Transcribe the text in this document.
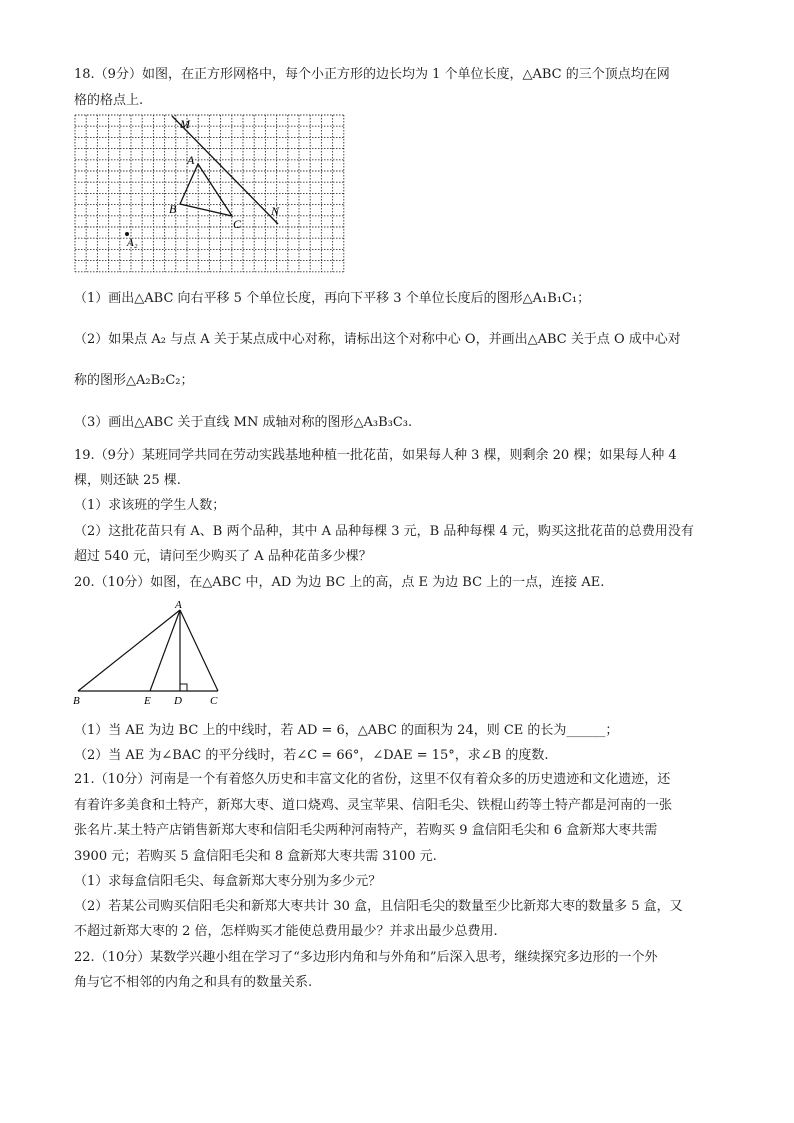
18.（9分）如图，在正方形网格中，每个小正方形的边长均为 1 个单位长度，△ABC 的三个顶点均在网
格的格点上.
M
A
B
C
N
A₂
（1）画出△ABC 向右平移 5 个单位长度，再向下平移 3 个单位长度后的图形△A₁B₁C₁；
（2）如果点 A₂ 与点 A 关于某点成中心对称，请标出这个对称中心 O，并画出△ABC 关于点 O 成中心对
称的图形△A₂B₂C₂；
（3）画出△ABC 关于直线 MN 成轴对称的图形△A₃B₃C₃.
19.（9分）某班同学共同在劳动实践基地种植一批花苗，如果每人种 3 棵，则剩余 20 棵；如果每人种 4
棵，则还缺 25 棵.
（1）求该班的学生人数；
（2）这批花苗只有 A、B 两个品种，其中 A 品种每棵 3 元，B 品种每棵 4 元，购买这批花苗的总费用没有
超过 540 元，请问至少购买了 A 品种花苗多少棵？
20.（10分）如图，在△ABC 中，AD 为边 BC 上的高，点 E 为边 BC 上的一点，连接 AE.
A
B	E D	C
（1）当 AE 为边 BC 上的中线时，若 AD = 6，△ABC 的面积为 24，则 CE 的长为______；
（2）当 AE 为∠BAC 的平分线时，若∠C = 66°，∠DAE = 15°，求∠B 的度数.
21.（10分）河南是一个有着悠久历史和丰富文化的省份，这里不仅有着众多的历史遗迹和文化遗迹，还
有着许多美食和土特产，新郑大枣、道口烧鸡、灵宝苹果、信阳毛尖、铁棍山药等土特产都是河南的一张
张名片.某土特产店销售新郑大枣和信阳毛尖两种河南特产，若购买 9 盒信阳毛尖和 6 盒新郑大枣共需
3900 元；若购买 5 盒信阳毛尖和 8 盒新郑大枣共需 3100 元.
（1）求每盒信阳毛尖、每盒新郑大枣分别为多少元？
（2）若某公司购买信阳毛尖和新郑大枣共计 30 盒，且信阳毛尖的数量至少比新郑大枣的数量多 5 盒，又
不超过新郑大枣的 2 倍，怎样购买才能使总费用最少？并求出最少总费用.
22.（10分）某数学兴趣小组在学习了“多边形内角和与外角和”后深入思考，继续探究多边形的一个外
角与它不相邻的内角之和具有的数量关系.
